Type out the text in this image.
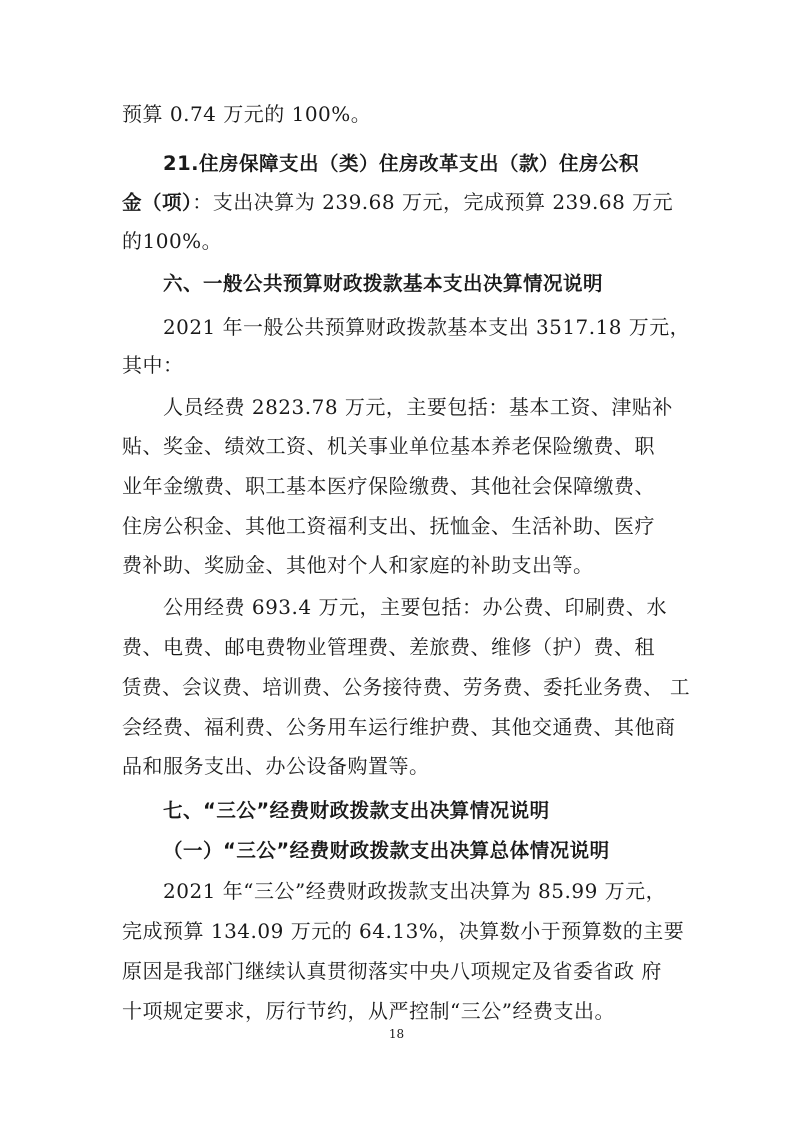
预算 0.74 万元的 100%。
21.住房保障支出（类）住房改革支出（款）住房公积
金（项）：支出决算为 239.68 万元，完成预算 239.68 万元
的100%。
六、一般公共预算财政拨款基本支出决算情况说明
2021 年一般公共预算财政拨款基本支出 3517.18 万元，
其中：
人员经费 2823.78 万元，主要包括：基本工资、津贴补
贴、奖金、绩效工资、机关事业单位基本养老保险缴费、职
业年金缴费、职工基本医疗保险缴费、其他社会保障缴费、
住房公积金、其他工资福利支出、抚恤金、生活补助、医疗
费补助、奖励金、其他对个人和家庭的补助支出等。
公用经费 693.4 万元，主要包括：办公费、印刷费、水
费、电费、邮电费物业管理费、差旅费、维修（护）费、租
赁费、会议费、培训费、公务接待费、劳务费、委托业务费、 工
会经费、福利费、公务用车运行维护费、其他交通费、其他商
品和服务支出、办公设备购置等。
七、“三公”经费财政拨款支出决算情况说明
（一）“三公”经费财政拨款支出决算总体情况说明
2021 年“三公”经费财政拨款支出决算为 85.99 万元，
完成预算 134.09 万元的 64.13%，决算数小于预算数的主要
原因是我部门继续认真贯彻落实中央八项规定及省委省政 府
十项规定要求，厉行节约，从严控制“三公”经费支出。
18
